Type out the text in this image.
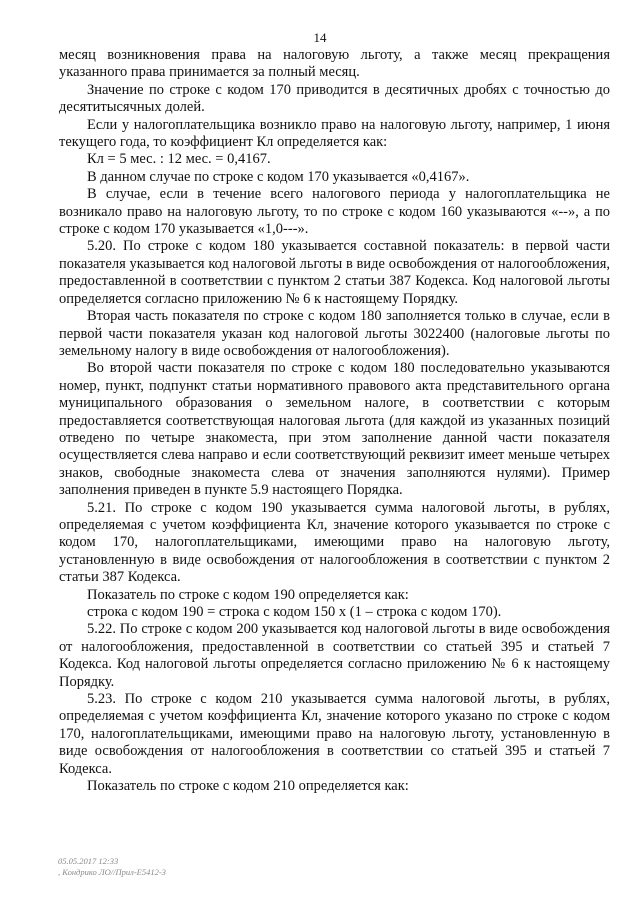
14

месяц возникновения права на налоговую льготу, а также месяц прекращения указанного права принимается за полный месяц.

Значение по строке с кодом 170 приводится в десятичных дробях с точностью до десятитысячных долей.

Если у налогоплательщика возникло право на налоговую льготу, например, 1 июня текущего года, то коэффициент Кл определяется как:

Кл = 5 мес. : 12 мес. = 0,4167.

В данном случае по строке с кодом 170 указывается «0,4167».

В случае, если в течение всего налогового периода у налогоплательщика не возникало право на налоговую льготу, то по строке с кодом 160 указываются «--», а по строке с кодом 170 указывается «1,0---».

5.20. По строке с кодом 180 указывается составной показатель: в первой части показателя указывается код налоговой льготы в виде освобождения от налогообложения, предоставленной в соответствии с пунктом 2 статьи 387 Кодекса. Код налоговой льготы определяется согласно приложению № 6 к настоящему Порядку.

Вторая часть показателя по строке с кодом 180 заполняется только в случае, если в первой части показателя указан код налоговой льготы 3022400 (налоговые льготы по земельному налогу в виде освобождения от налогообложения).

Во второй части показателя по строке с кодом 180 последовательно указываются номер, пункт, подпункт статьи нормативного правового акта представительного органа муниципального образования о земельном налоге, в соответствии с которым предоставляется соответствующая налоговая льгота (для каждой из указанных позиций отведено по четыре знакоместа, при этом заполнение данной части показателя осуществляется слева направо и если соответствующий реквизит имеет меньше четырех знаков, свободные знакоместа слева от значения заполняются нулями). Пример заполнения приведен в пункте 5.9 настоящего Порядка.

5.21. По строке с кодом 190 указывается сумма налоговой льготы, в рублях, определяемая с учетом коэффициента Кл, значение которого указывается по строке с кодом 170, налогоплательщиками, имеющими право на налоговую льготу, установленную в виде освобождения от налогообложения в соответствии с пунктом 2 статьи 387 Кодекса.

Показатель по строке с кодом 190 определяется как:

строка с кодом 190 = строка с кодом 150 х (1 – строка с кодом 170).

5.22. По строке с кодом 200 указывается код налоговой льготы в виде освобождения от налогообложения, предоставленной в соответствии со статьей 395 и статьей 7 Кодекса. Код налоговой льготы определяется согласно приложению № 6 к настоящему Порядку.

5.23. По строке с кодом 210 указывается сумма налоговой льготы, в рублях, определяемая с учетом коэффициента Кл, значение которого указано по строке с кодом 170, налогоплательщиками, имеющими право на налоговую льготу, установленную в виде освобождения от налогообложения в соответствии со статьей 395 и статьей 7 Кодекса.

Показатель по строке с кодом 210 определяется как:

05.05.2017 12:33
, Кондрико ЛО//Прил-Е5412-3
